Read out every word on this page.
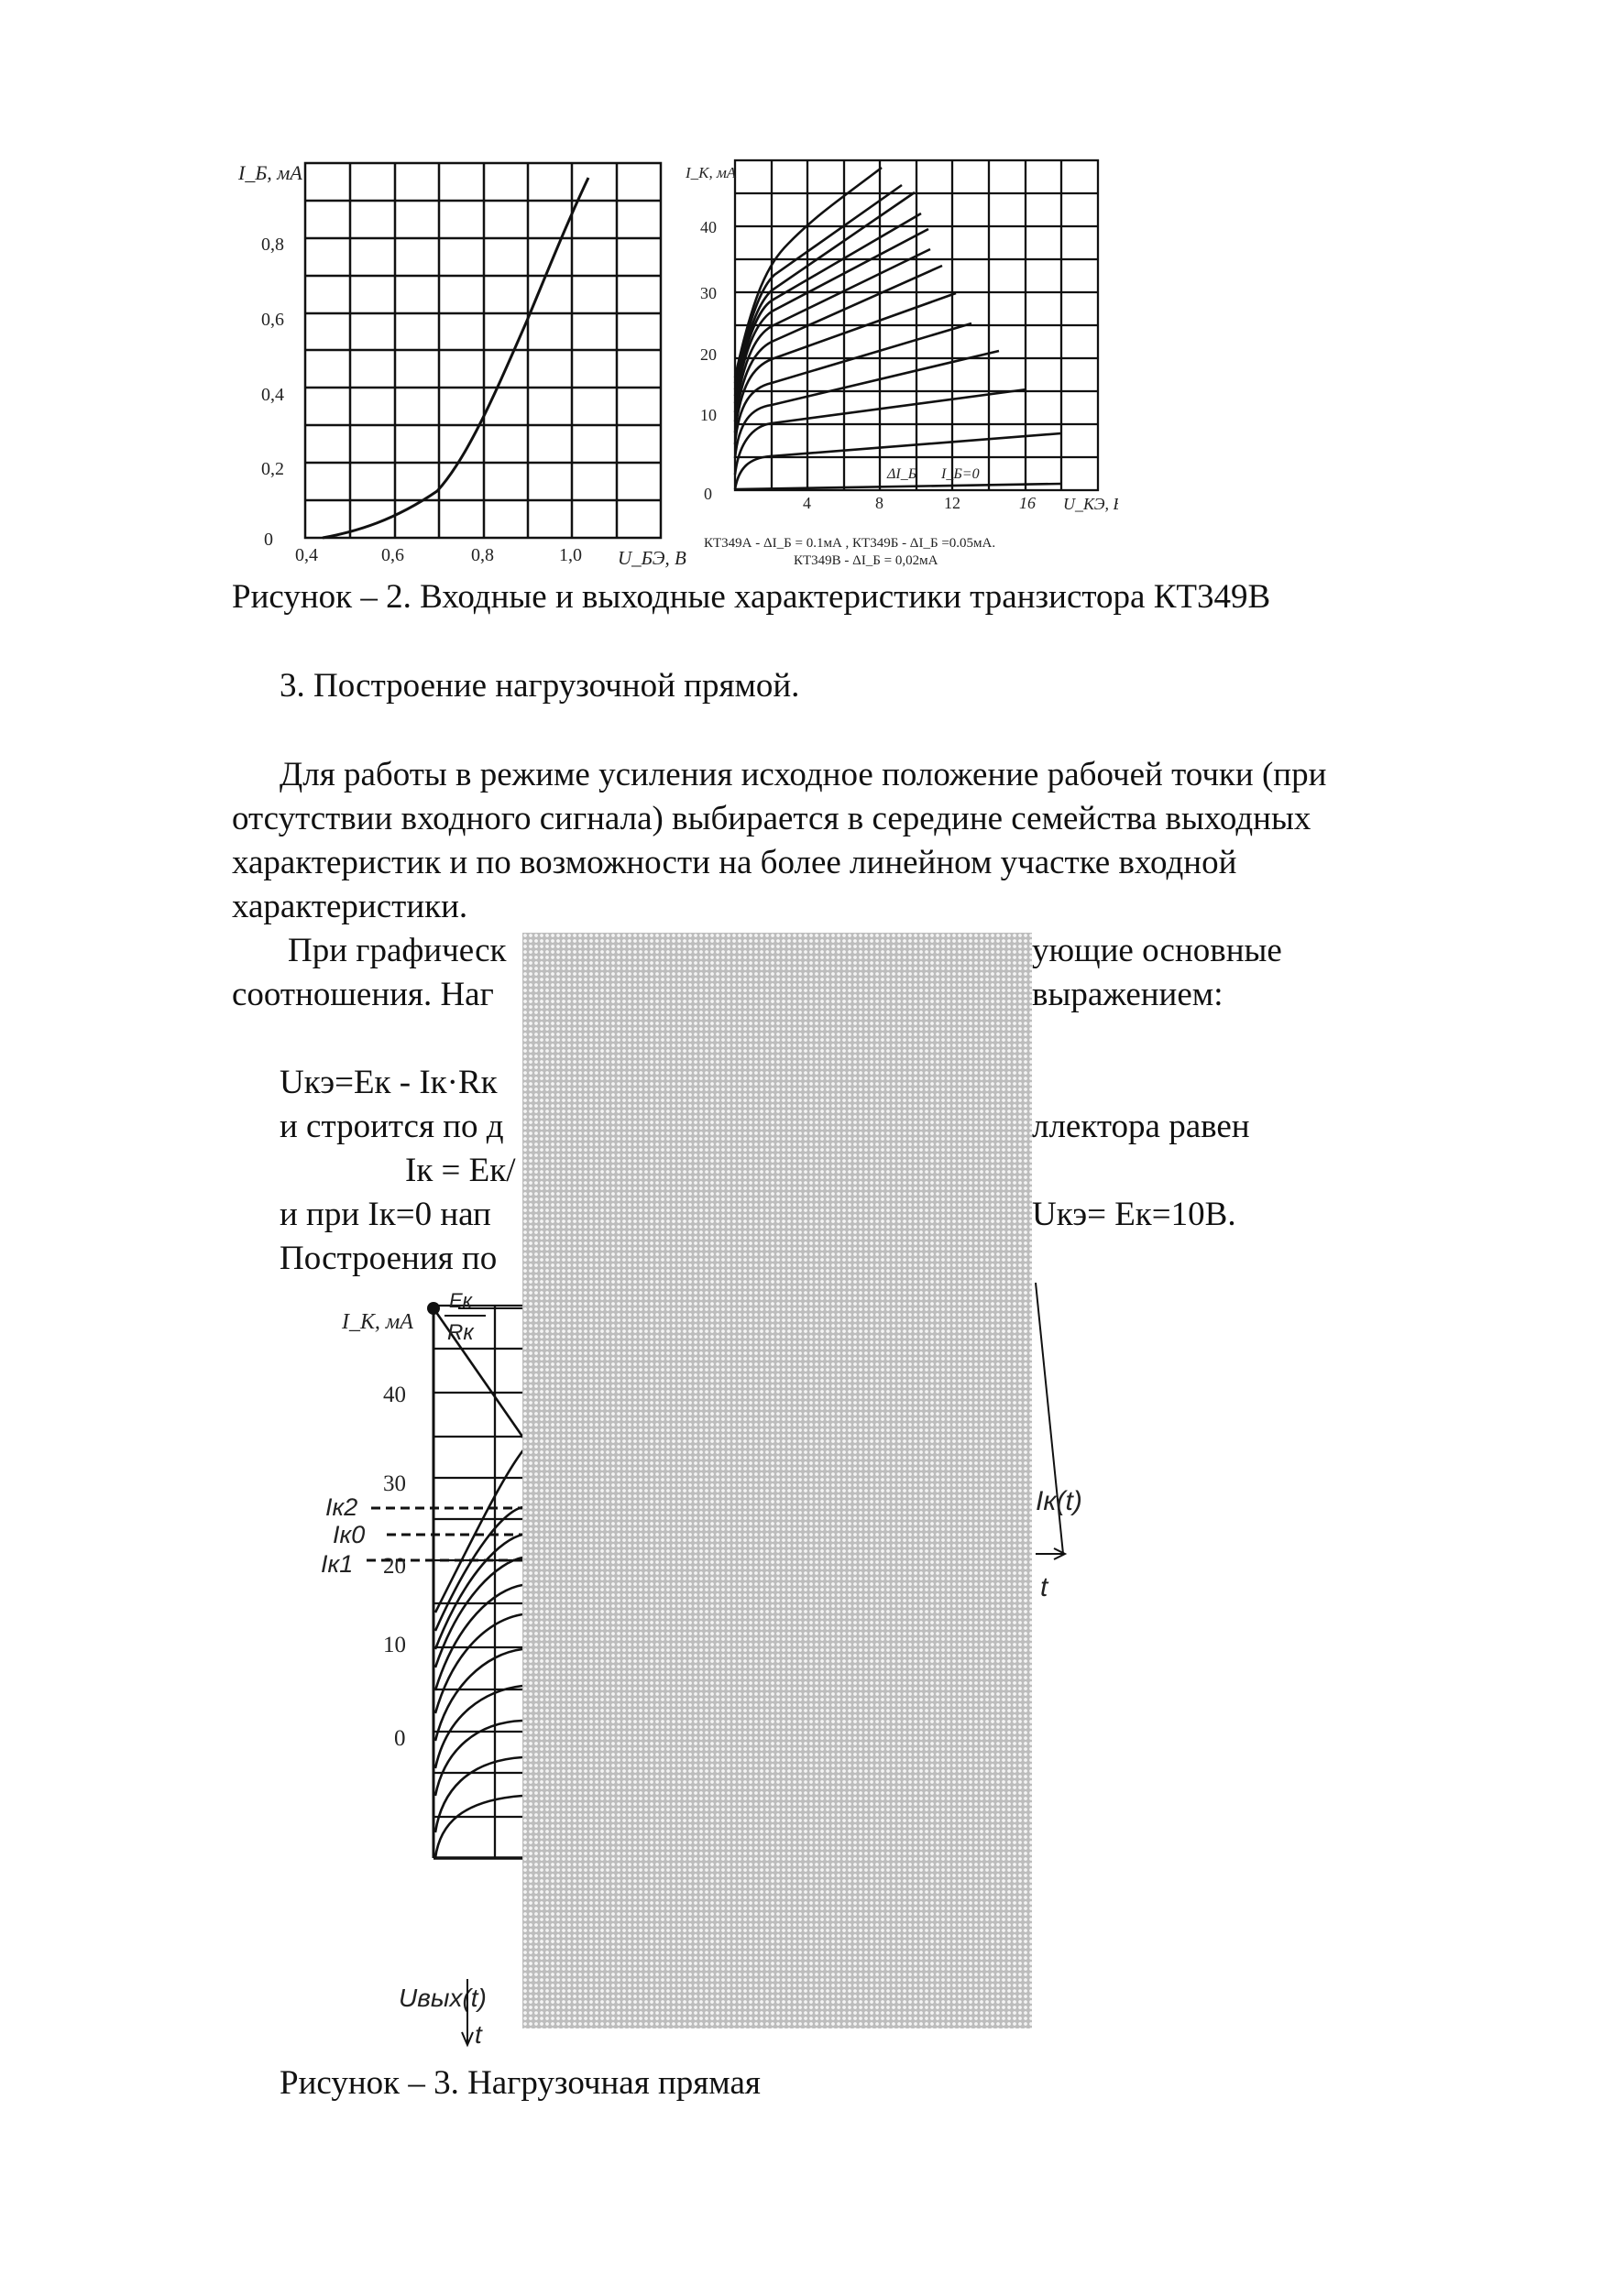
I_Б, мА
0
0,2
0,4
0,6
0,8
0,4	0,6	0,8	1,0 U_БЭ, В
I_К, мА
0
10
20
30
40
4	8	12	16 U_КЭ, В
ΔI_Б I_Б=0
КТ349А - ΔI_Б = 0.1мА , КТ349Б - ΔI_Б =0.05мА.
КТ349В - ΔI_Б = 0,02мА
Рисунок – 2. Входные и выходные характеристики транзистора КТ349В
3. Построение нагрузочной прямой.
Для работы в режиме усиления исходное положение рабочей точки (при
отсутствии входного сигнала) выбирается в середине семейства выходных
характеристик и по возможности на более линейном участке входной
характеристики.
При графическ	ующие основные
соотношения. Наг	выражением:
Uкэ=Ек - Iк·Rк
и строится по д	ллектора равен
Iк = Ек/
и при Iк=0 нап	Uкэ= Ек=10В.
Построения по
I_К, мА
Ек
Rк
40
30
20
10
0
Iк2
Iк0
Iк1
Uвых(t)
t
Iк(t)
t
Рисунок – 3. Нагрузочная прямая
